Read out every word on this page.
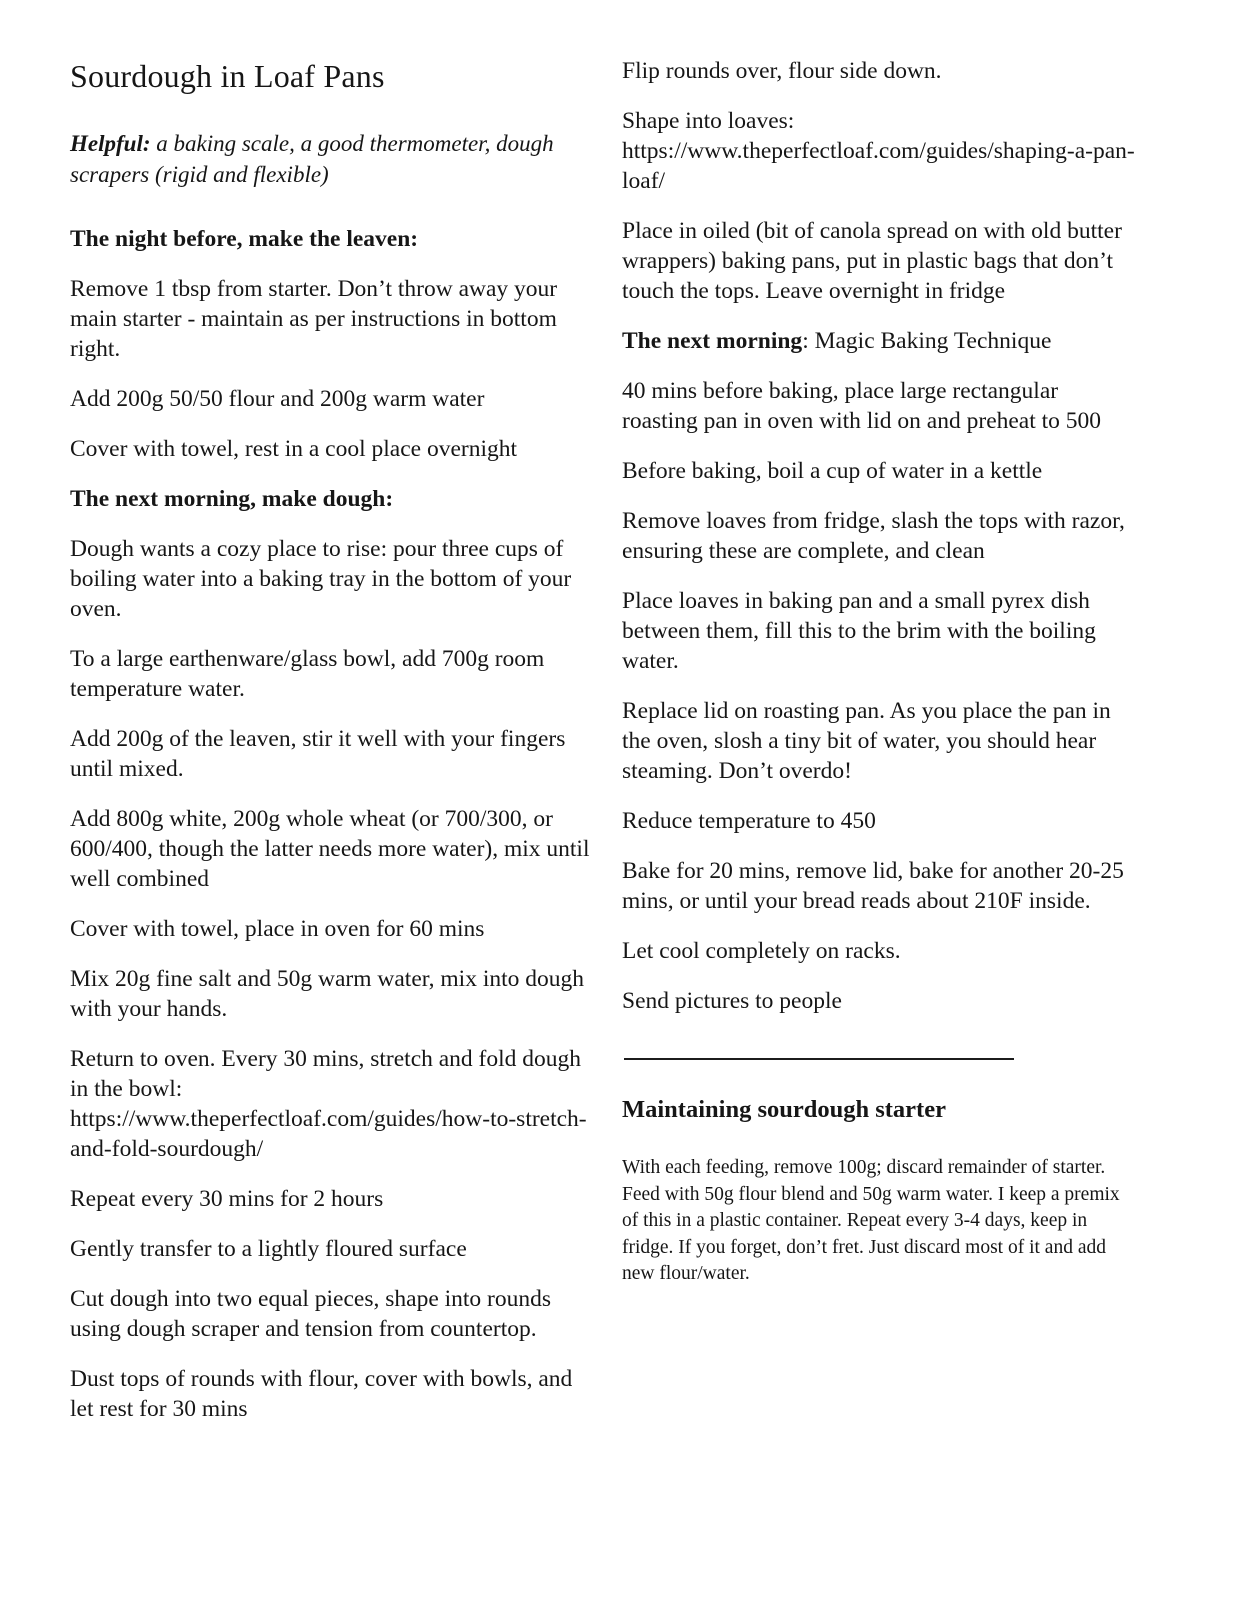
Sourdough in Loaf Pans

Helpful: a baking scale, a good thermometer, dough scrapers (rigid and flexible)

The night before, make the leaven:

Remove 1 tbsp from starter. Don’t throw away your main starter - maintain as per instructions in bottom right.

Add 200g 50/50 flour and 200g warm water

Cover with towel, rest in a cool place overnight

The next morning, make dough:

Dough wants a cozy place to rise: pour three cups of boiling water into a baking tray in the bottom of your oven.

To a large earthenware/glass bowl, add 700g room temperature water.

Add 200g of the leaven, stir it well with your fingers until mixed.

Add 800g white, 200g whole wheat (or 700/300, or 600/400, though the latter needs more water), mix until well combined

Cover with towel, place in oven for 60 mins

Mix 20g fine salt and 50g warm water, mix into dough with your hands.

Return to oven. Every 30 mins, stretch and fold dough in the bowl: https://www.theperfectloaf.com/guides/how-to-stretch-and-fold-sourdough/

Repeat every 30 mins for 2 hours

Gently transfer to a lightly floured surface

Cut dough into two equal pieces, shape into rounds using dough scraper and tension from countertop.

Dust tops of rounds with flour, cover with bowls, and let rest for 30 mins

Flip rounds over, flour side down.

Shape into loaves: https://www.theperfectloaf.com/guides/shaping-a-pan-loaf/

Place in oiled (bit of canola spread on with old butter wrappers) baking pans, put in plastic bags that don’t touch the tops. Leave overnight in fridge

The next morning: Magic Baking Technique

40 mins before baking, place large rectangular roasting pan in oven with lid on and preheat to 500

Before baking, boil a cup of water in a kettle

Remove loaves from fridge, slash the tops with razor, ensuring these are complete, and clean

Place loaves in baking pan and a small pyrex dish between them, fill this to the brim with the boiling water.

Replace lid on roasting pan. As you place the pan in the oven, slosh a tiny bit of water, you should hear steaming. Don’t overdo!

Reduce temperature to 450

Bake for 20 mins, remove lid, bake for another 20-25 mins, or until your bread reads about 210F inside.

Let cool completely on racks.

Send pictures to people

Maintaining sourdough starter

With each feeding, remove 100g; discard remainder of starter. Feed with 50g flour blend and 50g warm water. I keep a premix of this in a plastic container. Repeat every 3-4 days, keep in fridge. If you forget, don’t fret. Just discard most of it and add new flour/water.
